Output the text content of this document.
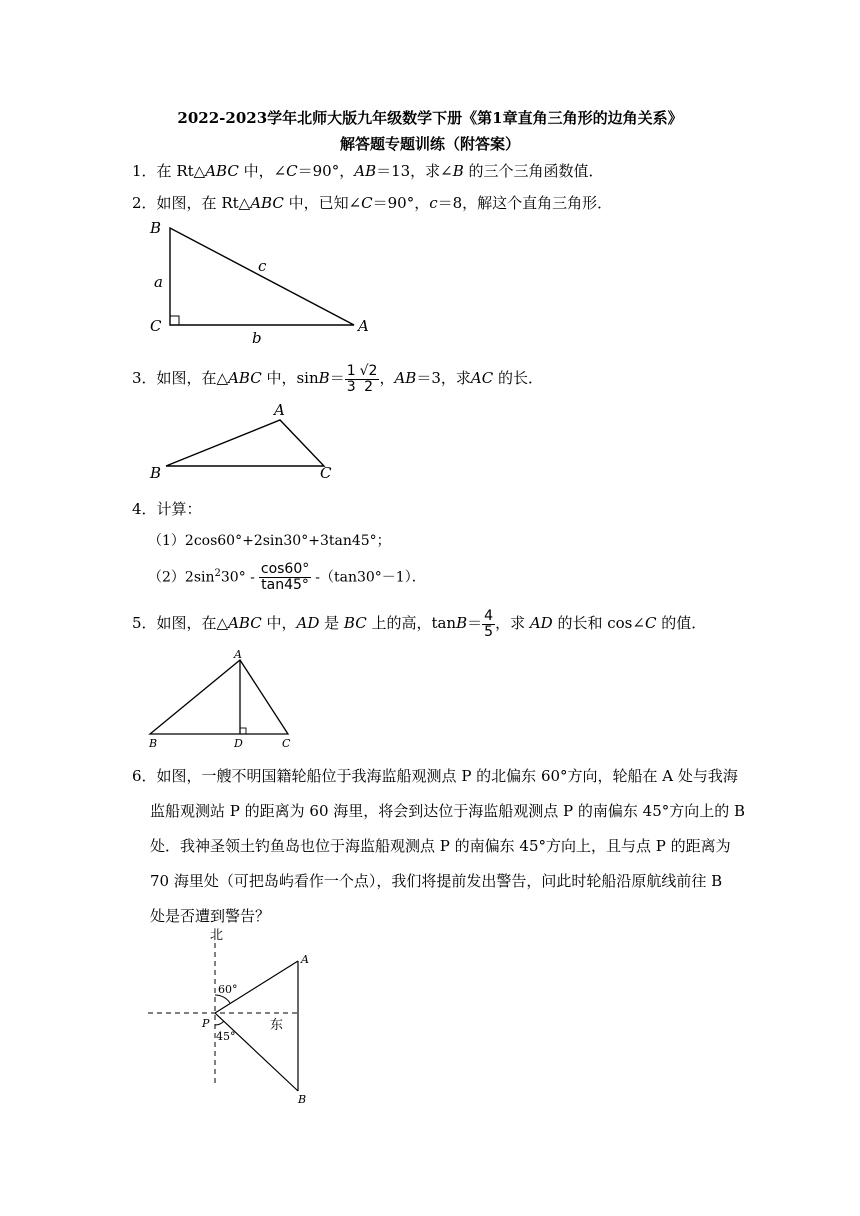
2022-2023学年北师大版九年级数学下册《第1章直角三角形的边角关系》
解答题专题训练（附答案）
1．在 Rt△ABC 中，∠C＝90°，AB＝13，求∠B 的三个三角函数值．
2．如图，在 Rt△ABC 中，已知∠C＝90°，c＝8，解这个直角三角形．
B
C	A
a
b
c
3．如图，在△ABC 中，$\sin B= \frac{1}{3} \frac{√2}{2}$ ，AB＝3，求AC 的长．
A
B	C
4．计算：
（1）2cos60°+2sin30°+3tan45°；
$(2)2\sin^230^\circ - \frac{\cos 60^\circ}{\tan 45^\circ} -(\tan 30^\circ-1)$．
5．如图，在△ABC 中，AD 是 BC 上的高，$\tan B= \frac{4}{5}$ ，求 AD 的长和 cos∠C 的值．
A
B	D	C
6．如图，一艘不明国籍轮船位于我海监船观测点 P 的北偏东 60°方向，轮船在 A 处与我海
监船观测站 P 的距离为 60 海里，将会到达位于海监船观测点 P 的南偏东 45°方向上的 B
处．我神圣领土钓鱼岛也位于海监船观测点 P 的南偏东 45°方向上，且与点 P 的距离为
70 海里处（可把岛屿看作一个点），我们将提前发出警告，问此时轮船沿原航线前往 B
处是否遭到警告？
北
东
A
B
P
60°
45°
